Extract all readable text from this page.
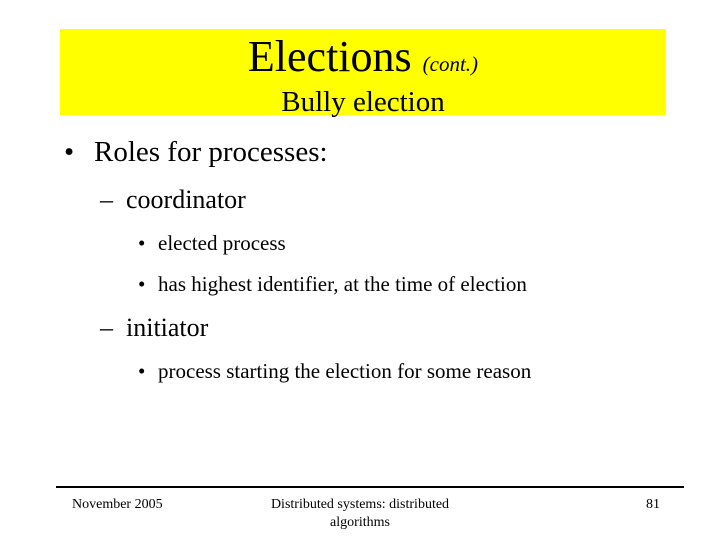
Elections (cont.)
Bully election
• Roles for processes:
– coordinator
• elected process
• has highest identifier, at the time of election
– initiator
• process starting the election for some reason
November 2005	Distributed systems: distributed
algorithms
81
